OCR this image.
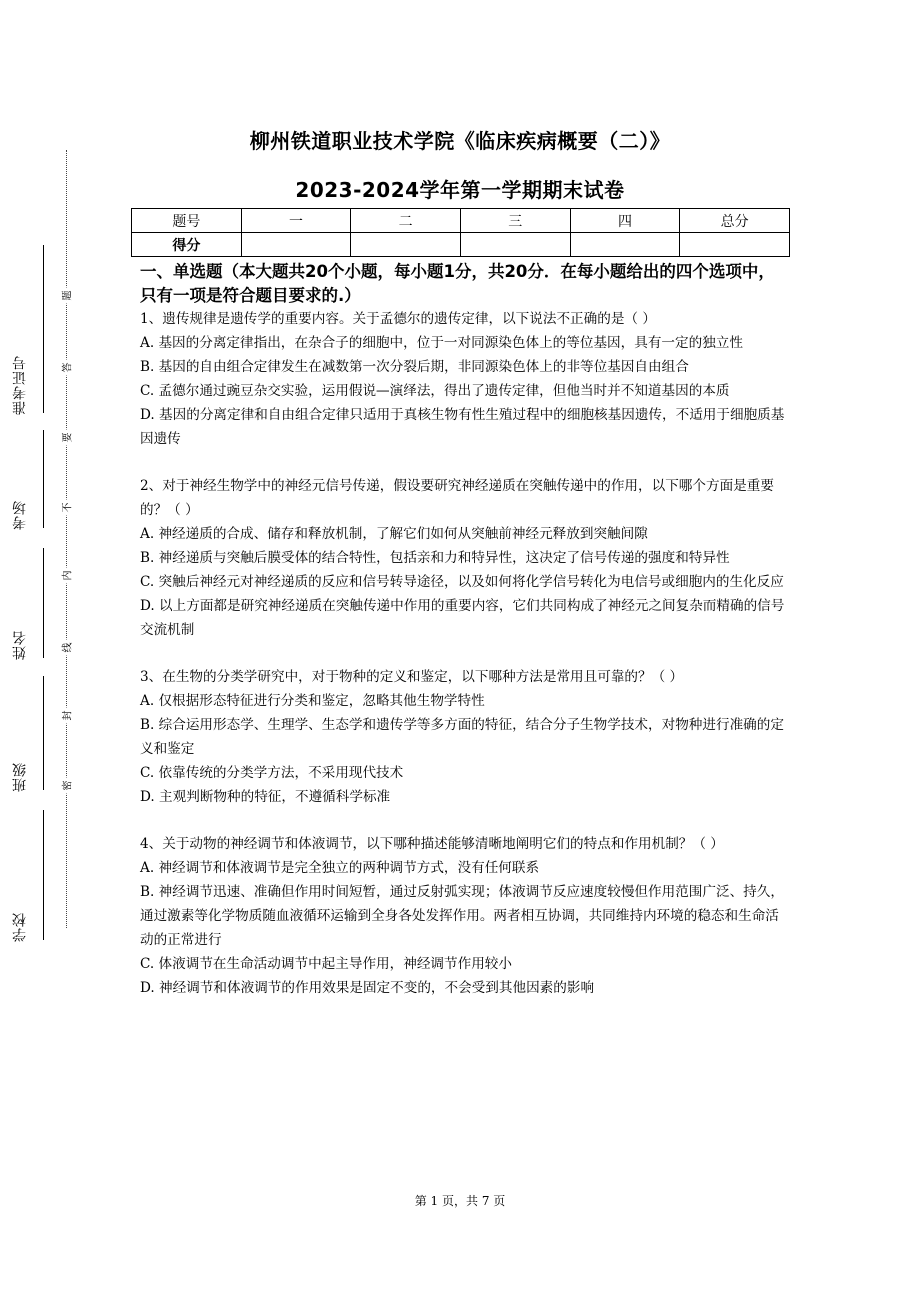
准考证号
考场
姓名
班级
学校
题
答
要
不
内
线
封
密
柳州铁道职业技术学院《临床疾病概要（二）》
2023-2024学年第一学期期末试卷
题号	一	二	三	四	总分
得分					
一、单选题（本大题共20个小题，每小题1分，共20分．在每小题给出的四个选项中，只有一项是符合题目要求的.）

1、遗传规律是遗传学的重要内容。关于孟德尔的遗传定律，以下说法不正确的是（ ）

A. 基因的分离定律指出，在杂合子的细胞中，位于一对同源染色体上的等位基因，具有一定的独立性

B. 基因的自由组合定律发生在减数第一次分裂后期，非同源染色体上的非等位基因自由组合

C. 孟德尔通过豌豆杂交实验，运用假说—演绎法，得出了遗传定律，但他当时并不知道基因的本质

D. 基因的分离定律和自由组合定律只适用于真核生物有性生殖过程中的细胞核基因遗传，不适用于细胞质基因遗传

2、对于神经生物学中的神经元信号传递，假设要研究神经递质在突触传递中的作用，以下哪个方面是重要的？（ ）

A. 神经递质的合成、储存和释放机制，了解它们如何从突触前神经元释放到突触间隙

B. 神经递质与突触后膜受体的结合特性，包括亲和力和特异性，这决定了信号传递的强度和特异性

C. 突触后神经元对神经递质的反应和信号转导途径，以及如何将化学信号转化为电信号或细胞内的生化反应

D. 以上方面都是研究神经递质在突触传递中作用的重要内容，它们共同构成了神经元之间复杂而精确的信号交流机制

3、在生物的分类学研究中，对于物种的定义和鉴定，以下哪种方法是常用且可靠的？（ ）

A. 仅根据形态特征进行分类和鉴定，忽略其他生物学特性

B. 综合运用形态学、生理学、生态学和遗传学等多方面的特征，结合分子生物学技术，对物种进行准确的定义和鉴定

C. 依靠传统的分类学方法，不采用现代技术

D. 主观判断物种的特征，不遵循科学标准

4、关于动物的神经调节和体液调节，以下哪种描述能够清晰地阐明它们的特点和作用机制？（ ）

A. 神经调节和体液调节是完全独立的两种调节方式，没有任何联系

B. 神经调节迅速、准确但作用时间短暂，通过反射弧实现；体液调节反应速度较慢但作用范围广泛、持久，通过激素等化学物质随血液循环运输到全身各处发挥作用。两者相互协调，共同维持内环境的稳态和生命活动的正常进行

C. 体液调节在生命活动调节中起主导作用，神经调节作用较小

D. 神经调节和体液调节的作用效果是固定不变的，不会受到其他因素的影响

第 1 页，共 7 页
